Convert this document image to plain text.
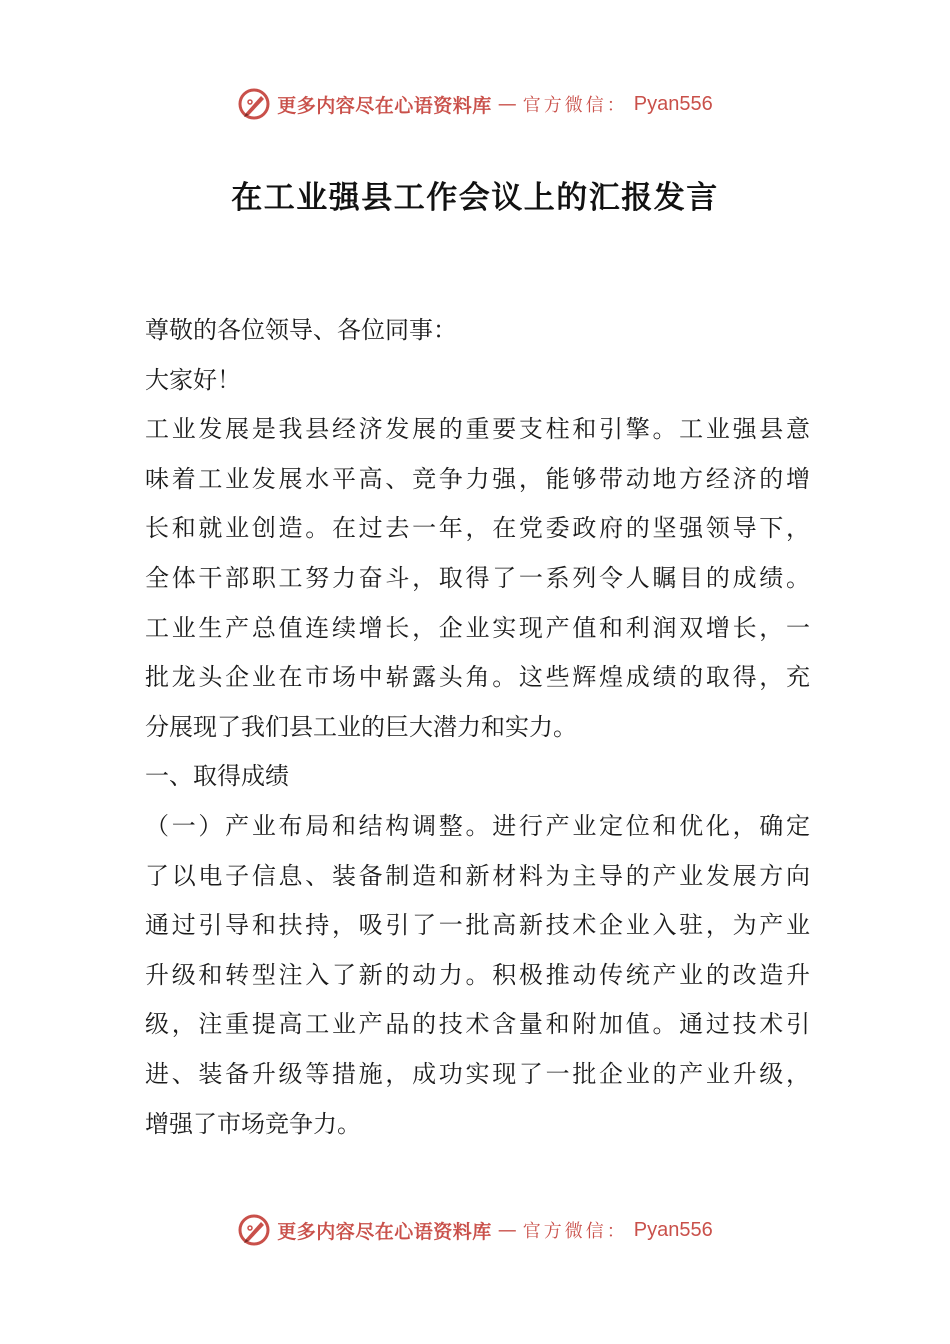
更多内容尽在心语资料库 — 官方微信： Pyan556
在工业强县工作会议上的汇报发言
尊敬的各位领导、各位同事：
大家好！
工业发展是我县经济发展的重要支柱和引擎。工业强县意
味着工业发展水平高、竞争力强，能够带动地方经济的增
长和就业创造。在过去一年，在党委政府的坚强领导下，
全体干部职工努力奋斗，取得了一系列令人瞩目的成绩。
工业生产总值连续增长，企业实现产值和利润双增长，一
批龙头企业在市场中崭露头角。这些辉煌成绩的取得，充
分展现了我们县工业的巨大潜力和实力。
一、取得成绩
（一）产业布局和结构调整。进行产业定位和优化，确定
了以电子信息、装备制造和新材料为主导的产业发展方向
通过引导和扶持，吸引了一批高新技术企业入驻，为产业
升级和转型注入了新的动力。积极推动传统产业的改造升
级，注重提高工业产品的技术含量和附加值。通过技术引
进、装备升级等措施，成功实现了一批企业的产业升级，
增强了市场竞争力。
更多内容尽在心语资料库 — 官方微信： Pyan556
